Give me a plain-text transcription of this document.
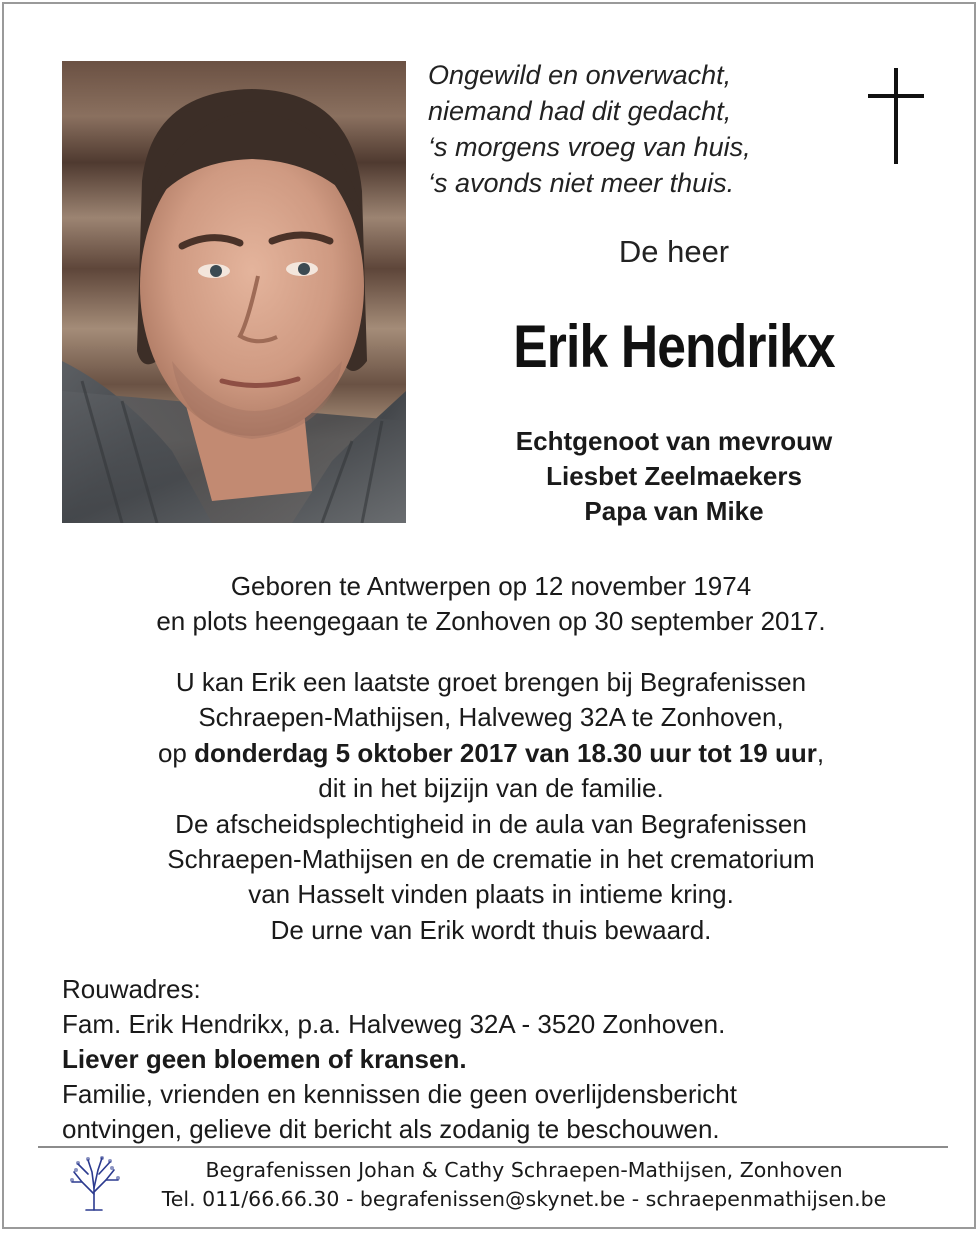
Ongewild en onverwacht,
niemand had dit gedacht,
‘s morgens vroeg van huis,
‘s avonds niet meer thuis.
De heer
Erik Hendrikx
Echtgenoot van mevrouw
Liesbet Zeelmaekers
Papa van Mike
Geboren te Antwerpen op 12 november 1974
en plots heengegaan te Zonhoven op 30 september 2017.
U kan Erik een laatste groet brengen bij Begrafenissen
Schraepen-Mathijsen, Halveweg 32A te Zonhoven,
op donderdag 5 oktober 2017 van 18.30 uur tot 19 uur,
dit in het bijzijn van de familie.
De afscheidsplechtigheid in de aula van Begrafenissen
Schraepen-Mathijsen en de crematie in het crematorium
van Hasselt vinden plaats in intieme kring.
De urne van Erik wordt thuis bewaard.
Rouwadres:
Fam. Erik Hendrikx, p.a. Halveweg 32A - 3520 Zonhoven.
Liever geen bloemen of kransen.
Familie, vrienden en kennissen die geen overlijdensbericht
ontvingen, gelieve dit bericht als zodanig te beschouwen.
Begrafenissen Johan & Cathy Schraepen-Mathijsen, Zonhoven
Tel. 011/66.66.30 - begrafenissen@skynet.be - schraepenmathijsen.be
